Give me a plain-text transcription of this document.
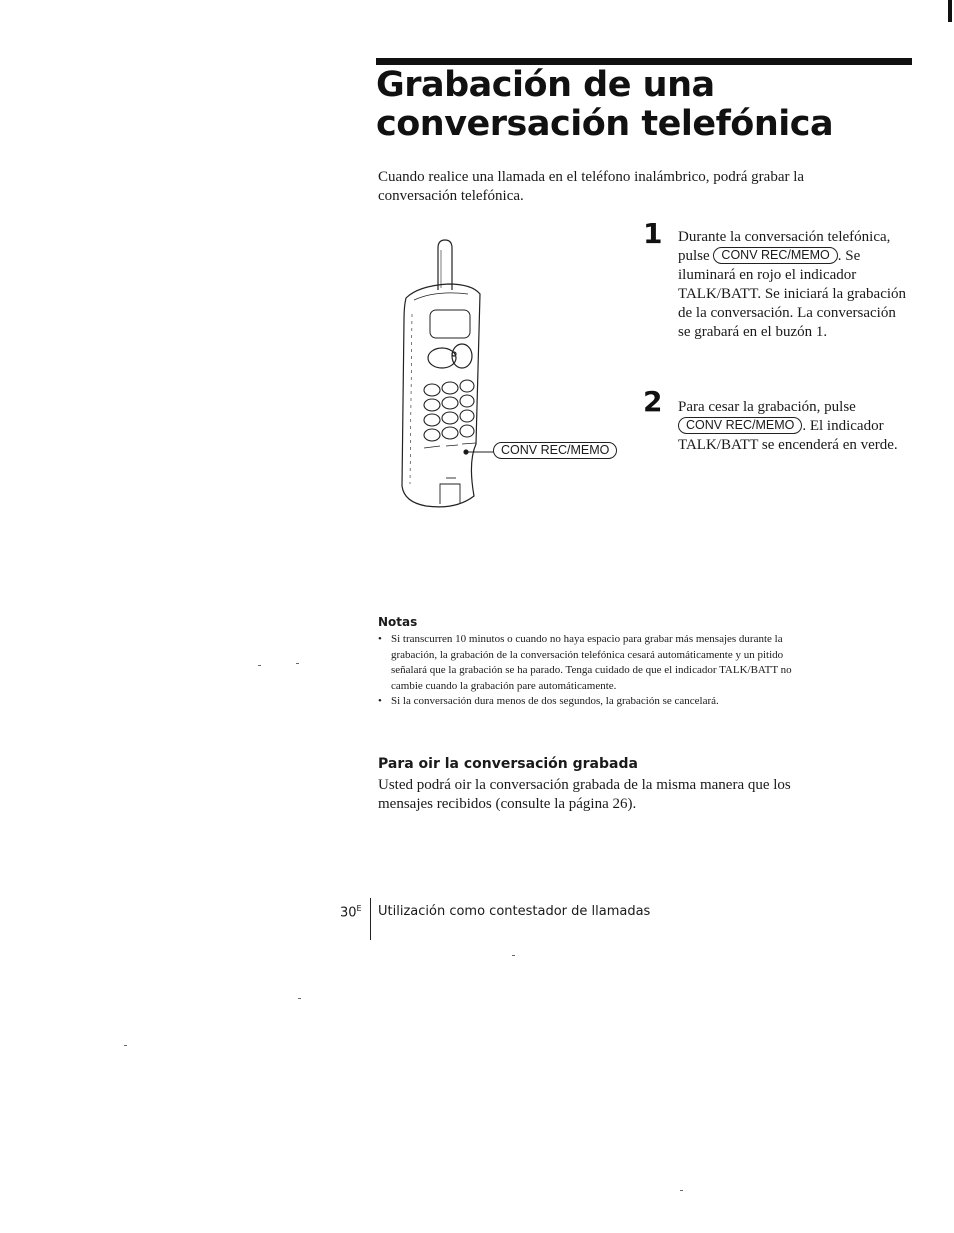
Grabación de una conversación telefónica
Cuando realice una llamada en el teléfono inalámbrico, podrá grabar la conversación telefónica.
CONV REC/MEMO
1 Durante la conversación telefónica, pulse CONV REC/MEMO . Se iluminará en rojo el indicador TALK/BATT. Se iniciará la grabación de la conversación. La conversación se grabará en el buzón 1.
2 Para cesar la grabación, pulse CONV REC/MEMO . El indicador TALK/BATT se encenderá en verde.
Notas
• Si transcurren 10 minutos o cuando no haya espacio para grabar más mensajes durante la grabación, la grabación de la conversación telefónica cesará automáticamente y un pitido señalará que la grabación se ha parado. Tenga cuidado de que el indicador TALK/BATT no cambie cuando la grabación pare automáticamente.
• Si la conversación dura menos de dos segundos, la grabación se cancelará.
Para oir la conversación grabada
Usted podrá oir la conversación grabada de la misma manera que los mensajes recibidos (consulte la página 26).
$30^E$ Utilización como contestador de llamadas
